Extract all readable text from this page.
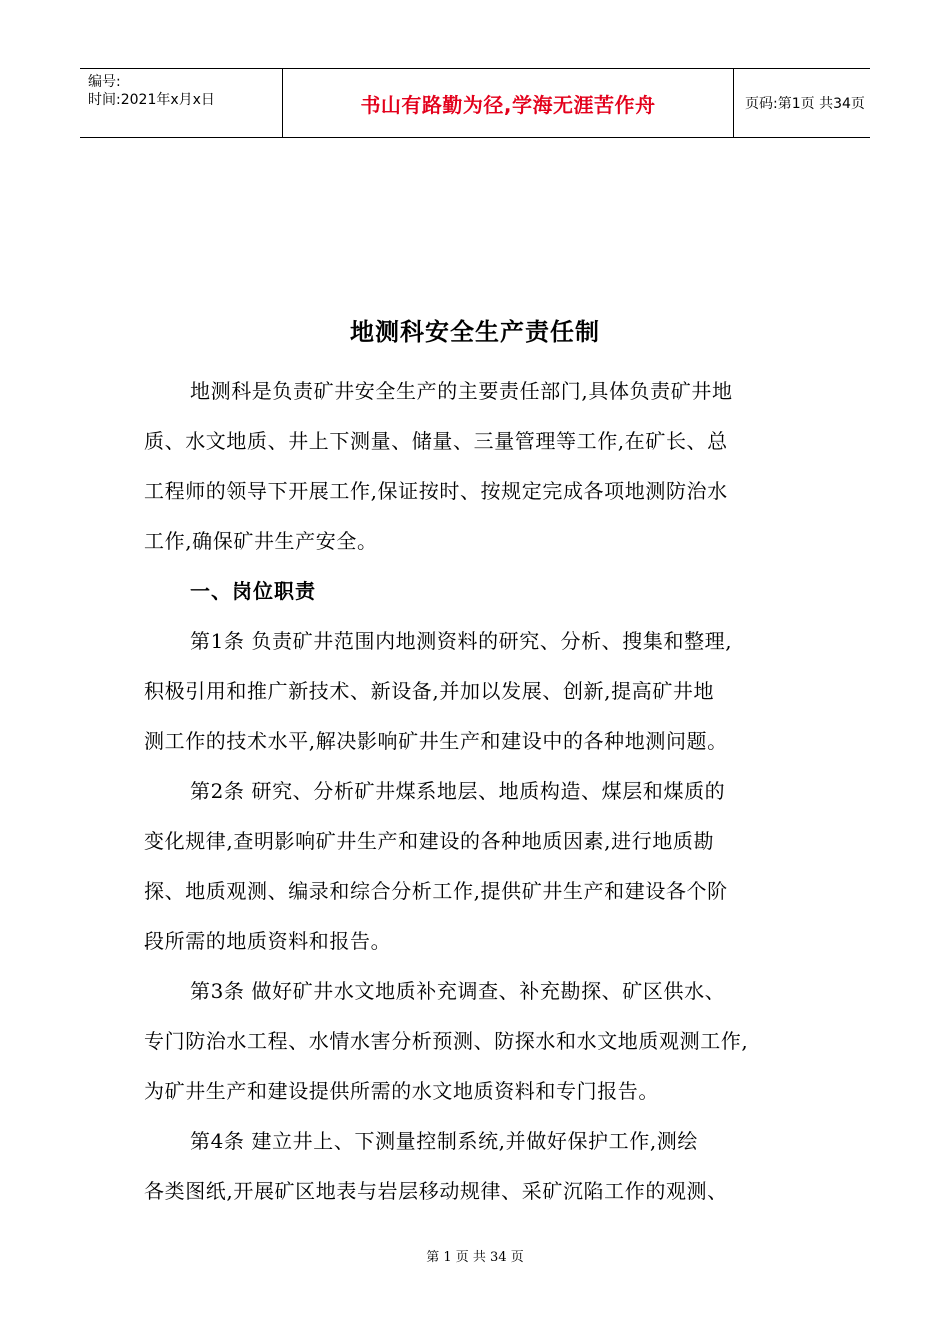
编号:
时间:2021年x月x日	书山有路勤为径,学海无涯苦作舟	页码:第1页 共34页
地测科安全生产责任制
地测科是负责矿井安全生产的主要责任部门,具体负责矿井地
质、水文地质、井上下测量、储量、三量管理等工作,在矿长、总
工程师的领导下开展工作,保证按时、按规定完成各项地测防治水
工作,确保矿井生产安全。
一、岗位职责
第1条 负责矿井范围内地测资料的研究、分析、搜集和整理,
积极引用和推广新技术、新设备,并加以发展、创新,提高矿井地
测工作的技术水平,解决影响矿井生产和建设中的各种地测问题。
第2条 研究、分析矿井煤系地层、地质构造、煤层和煤质的
变化规律,查明影响矿井生产和建设的各种地质因素,进行地质勘
探、地质观测、编录和综合分析工作,提供矿井生产和建设各个阶
段所需的地质资料和报告。
第3条 做好矿井水文地质补充调查、补充勘探、矿区供水、
专门防治水工程、水情水害分析预测、防探水和水文地质观测工作,
为矿井生产和建设提供所需的水文地质资料和专门报告。
第4条 建立井上、下测量控制系统,并做好保护工作,测绘
各类图纸,开展矿区地表与岩层移动规律、采矿沉陷工作的观测、
第 1 页 共 34 页
